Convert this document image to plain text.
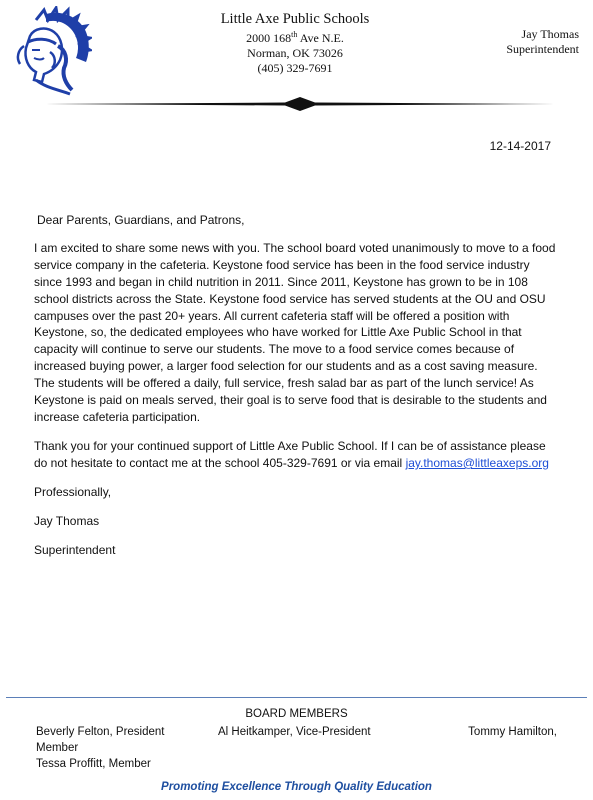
Little Axe Public Schools
2000 168th Ave N.E.
Norman, OK 73026
(405) 329-7691
Jay Thomas
Superintendent
12-14-2017

Dear Parents, Guardians, and Patrons,

I am excited to share some news with you. The school board voted unanimously to move to a food service company in the cafeteria. Keystone food service has been in the food service industry since 1993 and began in child nutrition in 2011. Since 2011, Keystone has grown to be in 108 school districts across the State. Keystone food service has served students at the OU and OSU campuses over the past 20+ years. All current cafeteria staff will be offered a position with Keystone, so, the dedicated employees who have worked for Little Axe Public School in that capacity will continue to serve our students. The move to a food service comes because of increased buying power, a larger food selection for our students and as a cost saving measure. The students will be offered a daily, full service, fresh salad bar as part of the lunch service! As Keystone is paid on meals served, their goal is to serve food that is desirable to the students and increase cafeteria participation.

Thank you for your continued support of Little Axe Public School. If I can be of assistance please do not hesitate to contact me at the school 405-329-7691 or via email jay.thomas@littleaxeps.org

Professionally,

Jay Thomas

Superintendent

BOARD MEMBERS
Beverly Felton, President
Member
Tessa Proffitt, Member
Al Heitkamper, Vice-President	Tommy Hamilton,
Promoting Excellence Through Quality Education
